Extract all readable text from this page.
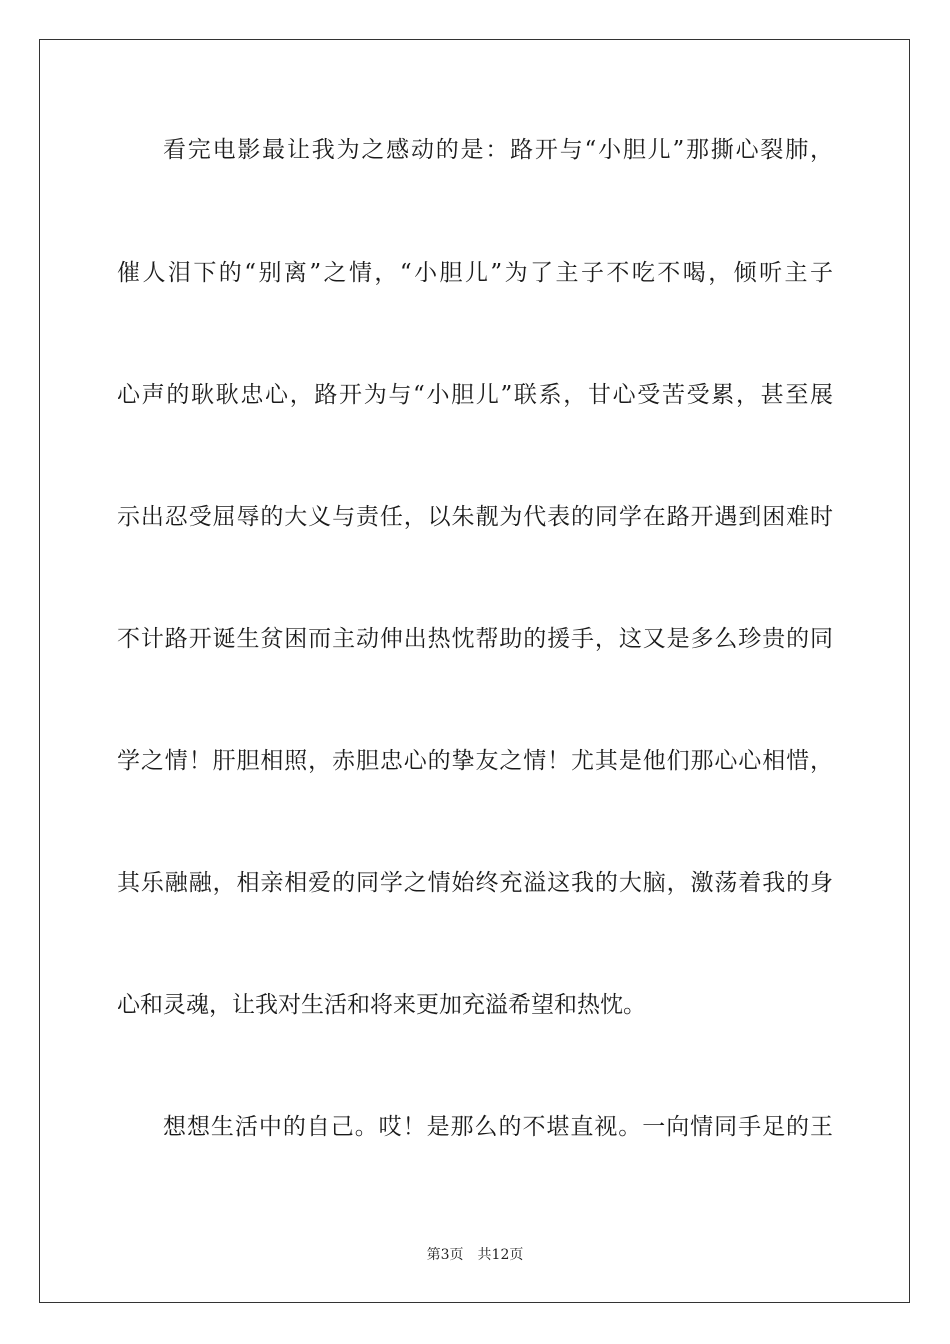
看完电影最让我为之感动的是：路开与“小胆儿”那撕心裂肺，
催人泪下的“别离”之情，“小胆儿”为了主子不吃不喝，倾听主子
心声的耿耿忠心，路开为与“小胆儿”联系，甘心受苦受累，甚至展
示出忍受屈辱的大义与责任，以朱靓为代表的同学在路开遇到困难时
不计路开诞生贫困而主动伸出热忱帮助的援手，这又是多么珍贵的同
学之情！肝胆相照，赤胆忠心的挚友之情！尤其是他们那心心相惜，
其乐融融，相亲相爱的同学之情始终充溢这我的大脑，激荡着我的身
心和灵魂，让我对生活和将来更加充溢希望和热忱。
想想生活中的自己。哎！是那么的不堪直视。一向情同手足的王
第3页 共12页
